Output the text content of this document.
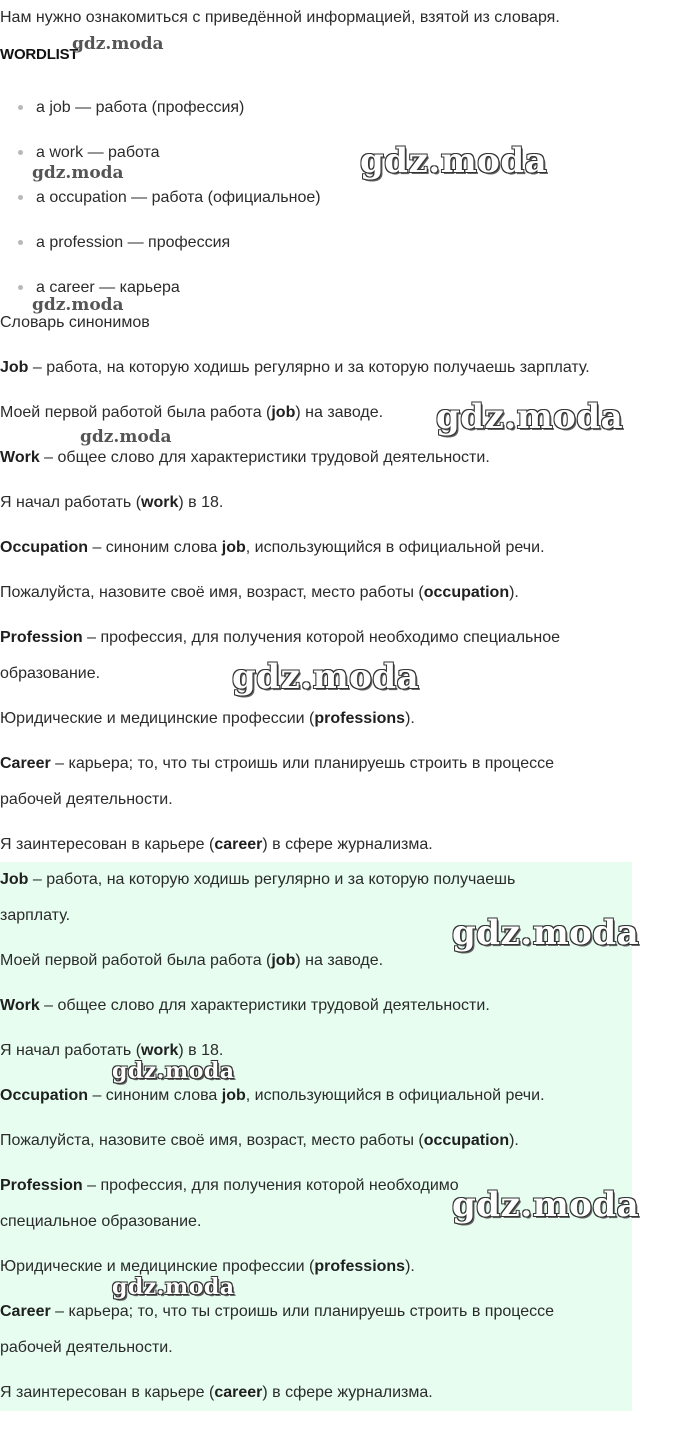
Нам нужно ознакомиться с приведённой информацией, взятой из словаря.
WORDLIST
gdz.moda
a job — работа (профессия)
a work — работа
a occupation — работа (официальное)
a profession — профессия
a career — карьера
gdz.moda	gdz.moda
gdz.moda
Словарь синонимов
Job – работа, на которую ходишь регулярно и за которую получаешь зарплату.
Моей первой работой была работа (job) на заводе.
gdz.moda	gdz.moda
Work – общее слово для характеристики трудовой деятельности.
Я начал работать (work) в 18.
Occupation – синоним слова job, использующийся в официальной речи.
Пожалуйста, назовите своё имя, возраст, место работы (occupation).
Profession – профессия, для получения которой необходимо специальное
образование.	gdz.moda
Юридические и медицинские профессии (professions).
Career – карьера; то, что ты строишь или планируешь строить в процессе
рабочей деятельности.
Я заинтересован в карьере (career) в сфере журнализма.
Job – работа, на которую ходишь регулярно и за которую получаешь
зарплату.
Моей первой работой была работа (job) на заводе.
gdz.moda
Work – общее слово для характеристики трудовой деятельности.
Я начал работать (work) в 18.
gdz.moda
Occupation – синоним слова job, использующийся в официальной речи.
Пожалуйста, назовите своё имя, возраст, место работы (occupation).
Profession – профессия, для получения которой необходимо
специальное образование.	gdz.moda
Юридические и медицинские профессии (professions).
gdz.moda
Career – карьера; то, что ты строишь или планируешь строить в процессе
рабочей деятельности.
Я заинтересован в карьере (career) в сфере журнализма.
